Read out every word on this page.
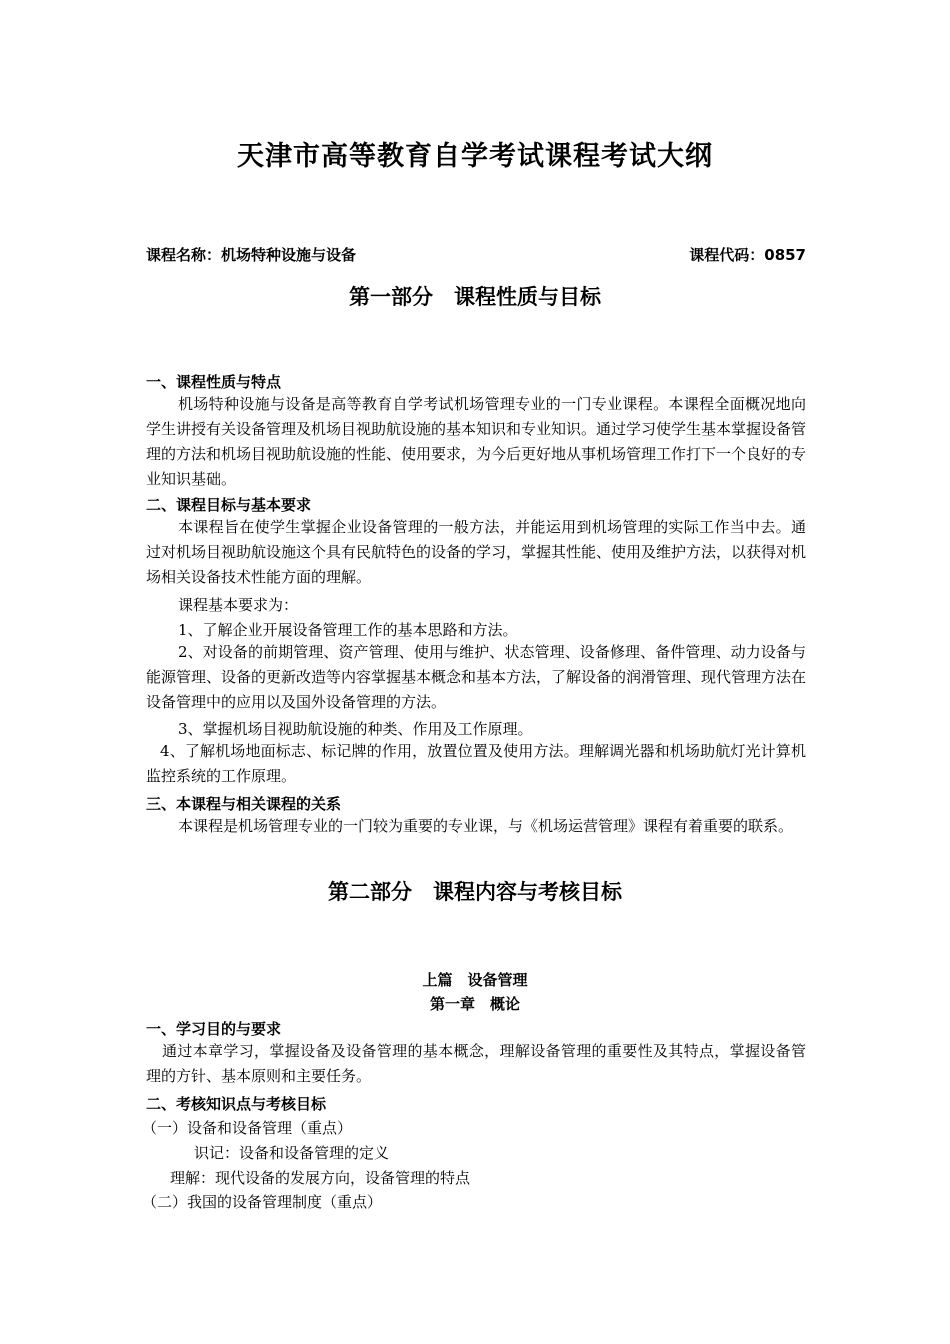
天津市高等教育自学考试课程考试大纲
课程名称：机场特种设施与设备	课程代码：0857
第一部分　课程性质与目标
一、课程性质与特点
机场特种设施与设备是高等教育自学考试机场管理专业的一门专业课程。本课程全面概况地向学生讲授有关设备管理及机场目视助航设施的基本知识和专业知识。通过学习使学生基本掌握设备管理的方法和机场目视助航设施的性能、使用要求，为今后更好地从事机场管理工作打下一个良好的专业知识基础。
二、课程目标与基本要求
本课程旨在使学生掌握企业设备管理的一般方法，并能运用到机场管理的实际工作当中去。通过对机场目视助航设施这个具有民航特色的设备的学习，掌握其性能、使用及维护方法，以获得对机场相关设备技术性能方面的理解。
课程基本要求为：
1、了解企业开展设备管理工作的基本思路和方法。
2、对设备的前期管理、资产管理、使用与维护、状态管理、设备修理、备件管理、动力设备与能源管理、设备的更新改造等内容掌握基本概念和基本方法，了解设备的润滑管理、现代管理方法在设备管理中的应用以及国外设备管理的方法。
3、掌握机场目视助航设施的种类、作用及工作原理。
4、了解机场地面标志、标记牌的作用，放置位置及使用方法。理解调光器和机场助航灯光计算机监控系统的工作原理。
三、本课程与相关课程的关系
本课程是机场管理专业的一门较为重要的专业课，与《机场运营管理》课程有着重要的联系。
第二部分　课程内容与考核目标
上篇　设备管理
第一章　概论
一、学习目的与要求
通过本章学习，掌握设备及设备管理的基本概念，理解设备管理的重要性及其特点，掌握设备管理的方针、基本原则和主要任务。
二、考核知识点与考核目标
（一）设备和设备管理（重点）
识记：设备和设备管理的定义
理解：现代设备的发展方向，设备管理的特点
（二）我国的设备管理制度（重点）
